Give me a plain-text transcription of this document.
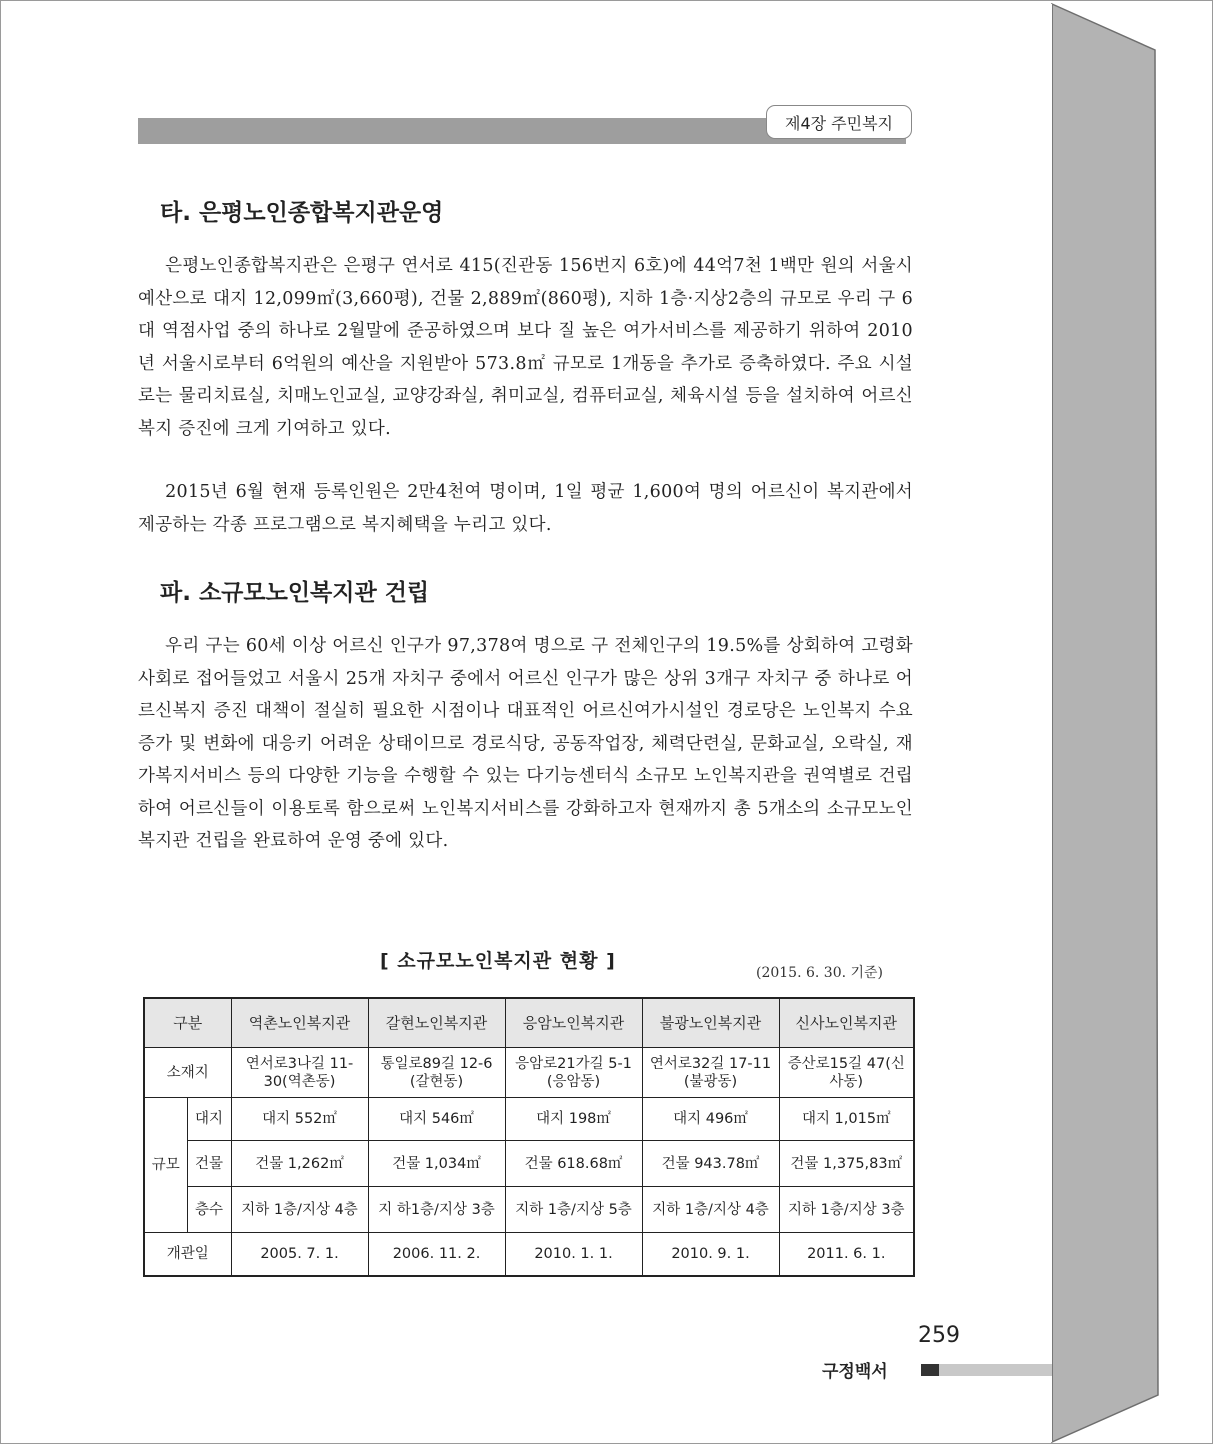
제4장 주민복지
타. 은평노인종합복지관운영

은평노인종합복지관은 은평구 연서로 415(진관동 156번지 6호)에 44억7천 1백만 원의 서울시 예산으로 대지 12,099㎡(3,660평), 건물 2,889㎡(860평), 지하 1층·지상2층의 규모로 우리 구 6대 역점사업 중의 하나로 2월말에 준공하였으며 보다 질 높은 여가서비스를 제공하기 위하여 2010년 서울시로부터 6억원의 예산을 지원받아 573.8㎡ 규모로 1개동을 추가로 증축하였다. 주요 시설로는 물리치료실, 치매노인교실, 교양강좌실, 취미교실, 컴퓨터교실, 체육시설 등을 설치하여 어르신복지 증진에 크게 기여하고 있다.

2015년 6월 현재 등록인원은 2만4천여 명이며, 1일 평균 1,600여 명의 어르신이 복지관에서 제공하는 각종 프로그램으로 복지혜택을 누리고 있다.

파. 소규모노인복지관 건립

우리 구는 60세 이상 어르신 인구가 97,378여 명으로 구 전체인구의 19.5%를 상회하여 고령화 사회로 접어들었고 서울시 25개 자치구 중에서 어르신 인구가 많은 상위 3개구 자치구 중 하나로 어르신복지 증진 대책이 절실히 필요한 시점이나 대표적인 어르신여가시설인 경로당은 노인복지 수요 증가 및 변화에 대응키 어려운 상태이므로 경로식당, 공동작업장, 체력단련실, 문화교실, 오락실, 재가복지서비스 등의 다양한 기능을 수행할 수 있는 다기능센터식 소규모 노인복지관을 권역별로 건립하여 어르신들이 이용토록 함으로써 노인복지서비스를 강화하고자 현재까지 총 5개소의 소규모노인복지관 건립을 완료하여 운영 중에 있다.

[ 소규모노인복지관 현황 ]
(2015. 6. 30. 기준)
구분		역촌노인복지관	갈현노인복지관	응암노인복지관	불광노인복지관	신사노인복지관
소재지		연서로3나길 11-30(역촌동)	통일로89길 12-6 (갈현동)	응암로21가길 5-1 (응암동)	연서로32길 17-11 (불광동)	증산로15길 47(신사동)
규모	대지	대지 552㎡	대지 546㎡	대지 198㎡	대지 496㎡	대지 1,015㎡
	건물	건물 1,262㎡	건물 1,034㎡	건물 618.68㎡	건물 943.78㎡	건물 1,375,83㎡
	층수	지하 1층/지상 4층	지 하1층/지상 3층	지하 1층/지상 5층	지하 1층/지상 4층	지하 1층/지상 3층
개관일		2005. 7. 1.	2006. 11. 2.	2010. 1. 1.	2010. 9. 1.	2011. 6. 1.
259
구정백서
